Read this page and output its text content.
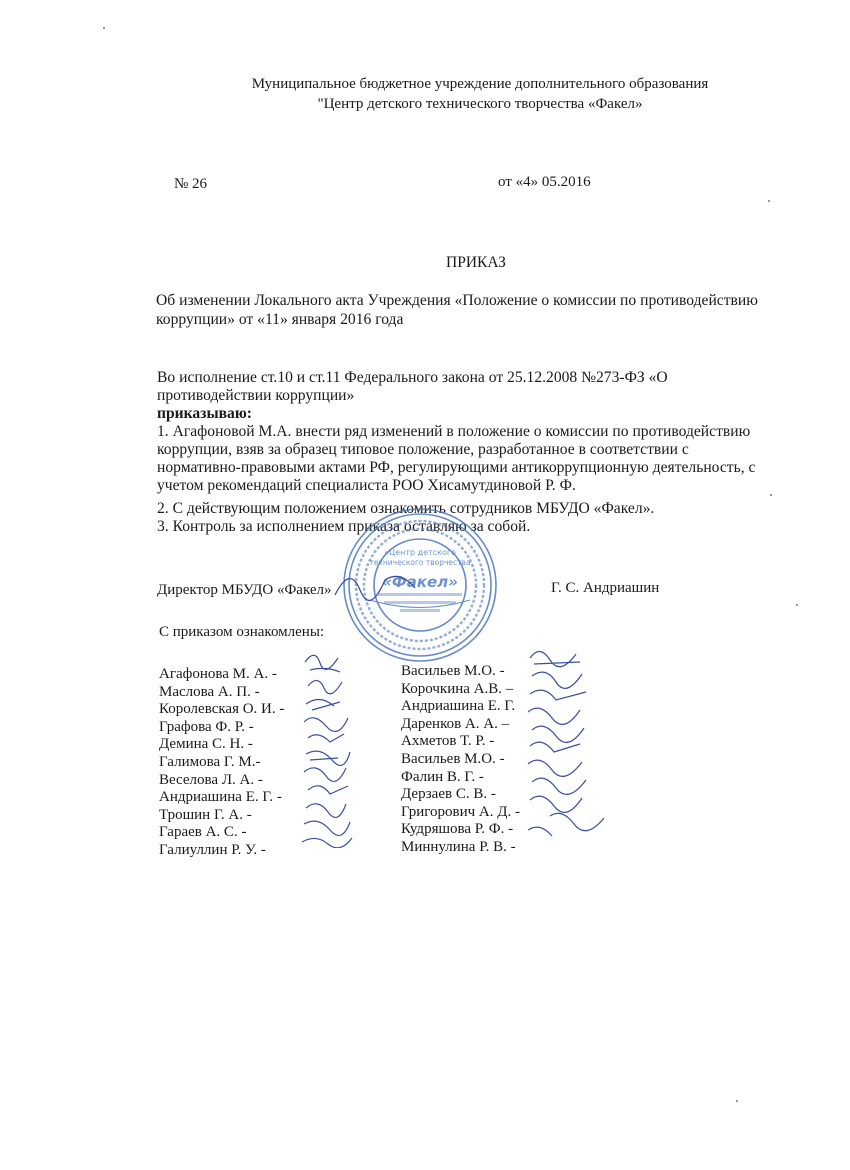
Муниципальное бюджетное учреждение дополнительного образования
"Центр детского технического творчества «Факел»
№ 26	от «4» 05.2016
ПРИКАЗ
Об изменении Локального акта Учреждения «Положение о комиссии по противодействию
коррупции» от «11» января 2016 года
Во исполнение ст.10 и ст.11 Федерального закона от 25.12.2008 №273-ФЗ «О
противодействии коррупции»
приказываю:
1. Агафоновой М.А. внести ряд изменений в положение о комиссии по противодействию
коррупции, взяв за образец типовое положение, разработанное в соответствии с
нормативно-правовыми актами РФ, регулирующими антикоррупционную деятельность, с
учетом рекомендаций специалиста РОО Хисамутдиновой Р. Ф.
2. С действующим положением ознакомить сотрудников МБУДО «Факел».
3. Контроль за исполнением приказа оставляю за собой.
Директор МБУДО «Факел»	Г. С. Андриашин
С приказом ознакомлены:
Агафонова М. А. -
Маслова А. П. -
Королевская О. И. -
Графова Ф. Р. -
Демина С. Н. -
Галимова Г. М.-
Веселова Л. А. -
Андриашина Е. Г. -
Трошин Г. А. -
Гараев А. С. -
Галиуллин Р. У. -
Васильев М.О. -
Корочкина А.В. –
Андриашина Е. Г.
Даренков А. А. –
Ахметов Т. Р. -
Васильев М.О. -
Фалин В. Г. -
Дерзаев С. В. -
Григорович А. Д. -
Кудряшова Р. Ф. -
Миннулина Р. В. -
«Центр детского
технического творчества
«Факел»
